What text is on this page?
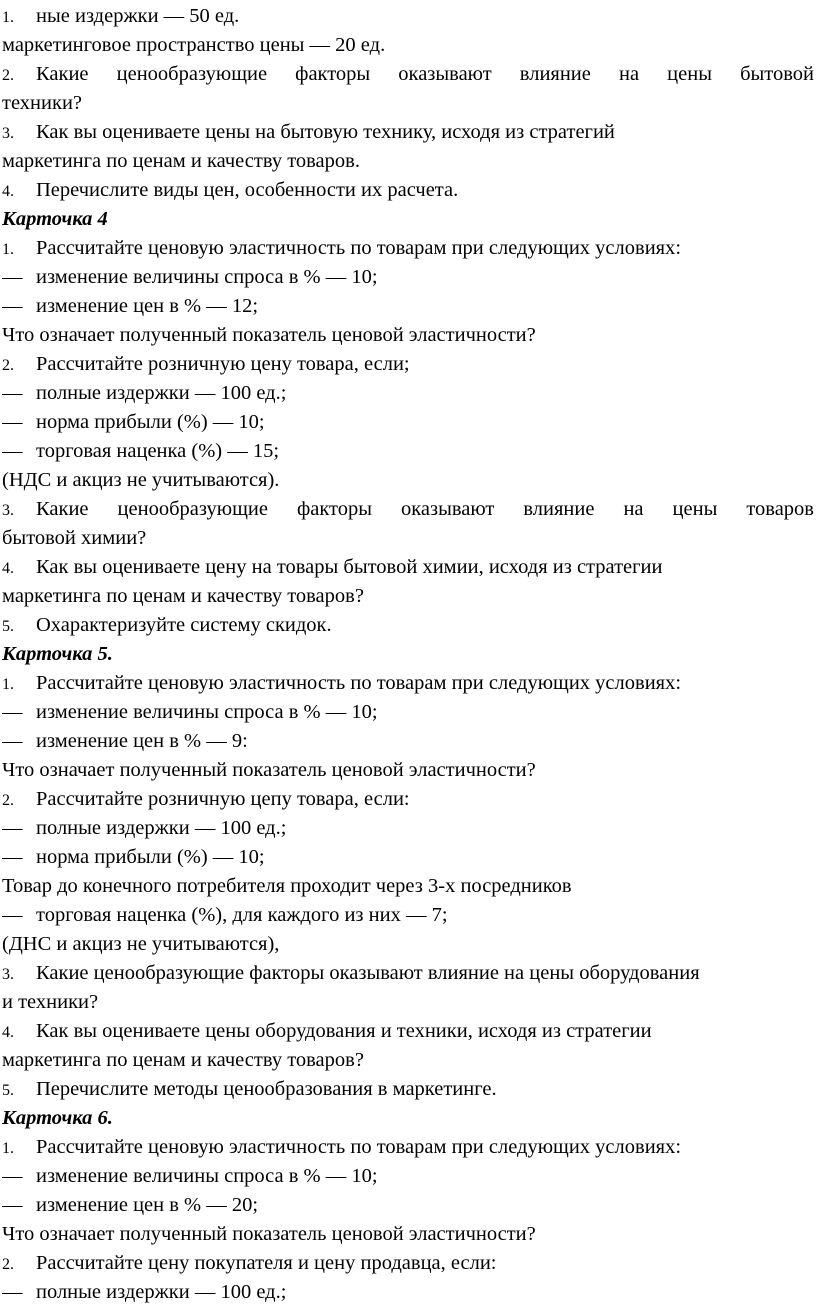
1. ные издержки — 50 ед.
маркетинговое пространство цены — 20 ед.
2. Какие ценообразующие факторы оказывают влияние на цены бытовой
техники?
3. Как вы оцениваете цены на бытовую технику, исходя из стратегий
маркетинга по ценам и качеству товаров.
4. Перечислите виды цен, особенности их расчета.
Карточка 4
1. Рассчитайте ценовую эластичность по товарам при следующих условиях:
— изменение величины спроса в % — 10;
— изменение цен в % — 12;
Что означает полученный показатель ценовой эластичности?
2. Рассчитайте розничную цену товара, если;
— полные издержки — 100 ед.;
— норма прибыли (%) — 10;
— торговая наценка (%) — 15;
(НДС и акциз не учитываются).
3. Какие ценообразующие факторы оказывают влияние на цены товаров
бытовой химии?
4. Как вы оцениваете цену на товары бытовой химии, исходя из стратегии
маркетинга по ценам и качеству товаров?
5. Охарактеризуйте систему скидок.
Карточка 5.
1. Рассчитайте ценовую эластичность по товарам при следующих условиях:
— изменение величины спроса в % — 10;
— изменение цен в % — 9:
Что означает полученный показатель ценовой эластичности?
2. Рассчитайте розничную цепу товара, если:
— полные издержки — 100 ед.;
— норма прибыли (%) — 10;
Товар до конечного потребителя проходит через 3-х посредников
— торговая наценка (%), для каждого из них — 7;
(ДНС и акциз не учитываются),
3. Какие ценообразующие факторы оказывают влияние на цены оборудования
и техники?
4. Как вы оцениваете цены оборудования и техники, исходя из стратегии
маркетинга по ценам и качеству товаров?
5. Перечислите методы ценообразования в маркетинге.
Карточка 6.
1. Рассчитайте ценовую эластичность по товарам при следующих условиях:
— изменение величины спроса в % — 10;
— изменение цен в % — 20;
Что означает полученный показатель ценовой эластичности?
2. Рассчитайте цену покупателя и цену продавца, если:
— полные издержки — 100 ед.;
